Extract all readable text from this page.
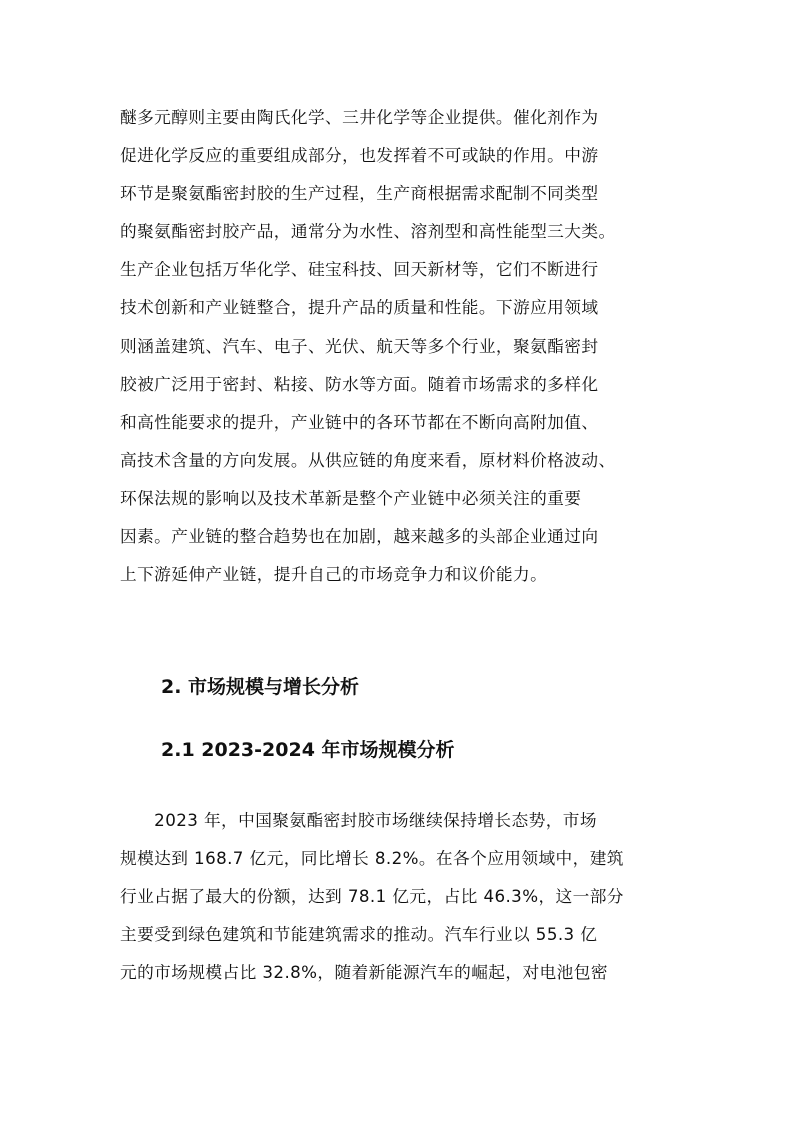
醚多元醇则主要由陶氏化学、三井化学等企业提供。催化剂作为
促进化学反应的重要组成部分，也发挥着不可或缺的作用。中游
环节是聚氨酯密封胶的生产过程，生产商根据需求配制不同类型
的聚氨酯密封胶产品，通常分为水性、溶剂型和高性能型三大类。
生产企业包括万华化学、硅宝科技、回天新材等，它们不断进行
技术创新和产业链整合，提升产品的质量和性能。下游应用领域
则涵盖建筑、汽车、电子、光伏、航天等多个行业，聚氨酯密封
胶被广泛用于密封、粘接、防水等方面。随着市场需求的多样化
和高性能要求的提升，产业链中的各环节都在不断向高附加值、
高技术含量的方向发展。从供应链的角度来看，原材料价格波动、
环保法规的影响以及技术革新是整个产业链中必须关注的重要
因素。产业链的整合趋势也在加剧，越来越多的头部企业通过向
上下游延伸产业链，提升自己的市场竞争力和议价能力。

2. 市场规模与增长分析
2.1 2023-2024 年市场规模分析

　　2023 年，中国聚氨酯密封胶市场继续保持增长态势，市场
规模达到 168.7 亿元，同比增长 8.2%。在各个应用领域中，建筑
行业占据了最大的份额，达到 78.1 亿元，占比 46.3%，这一部分
主要受到绿色建筑和节能建筑需求的推动。汽车行业以 55.3 亿
元的市场规模占比 32.8%，随着新能源汽车的崛起，对电池包密
